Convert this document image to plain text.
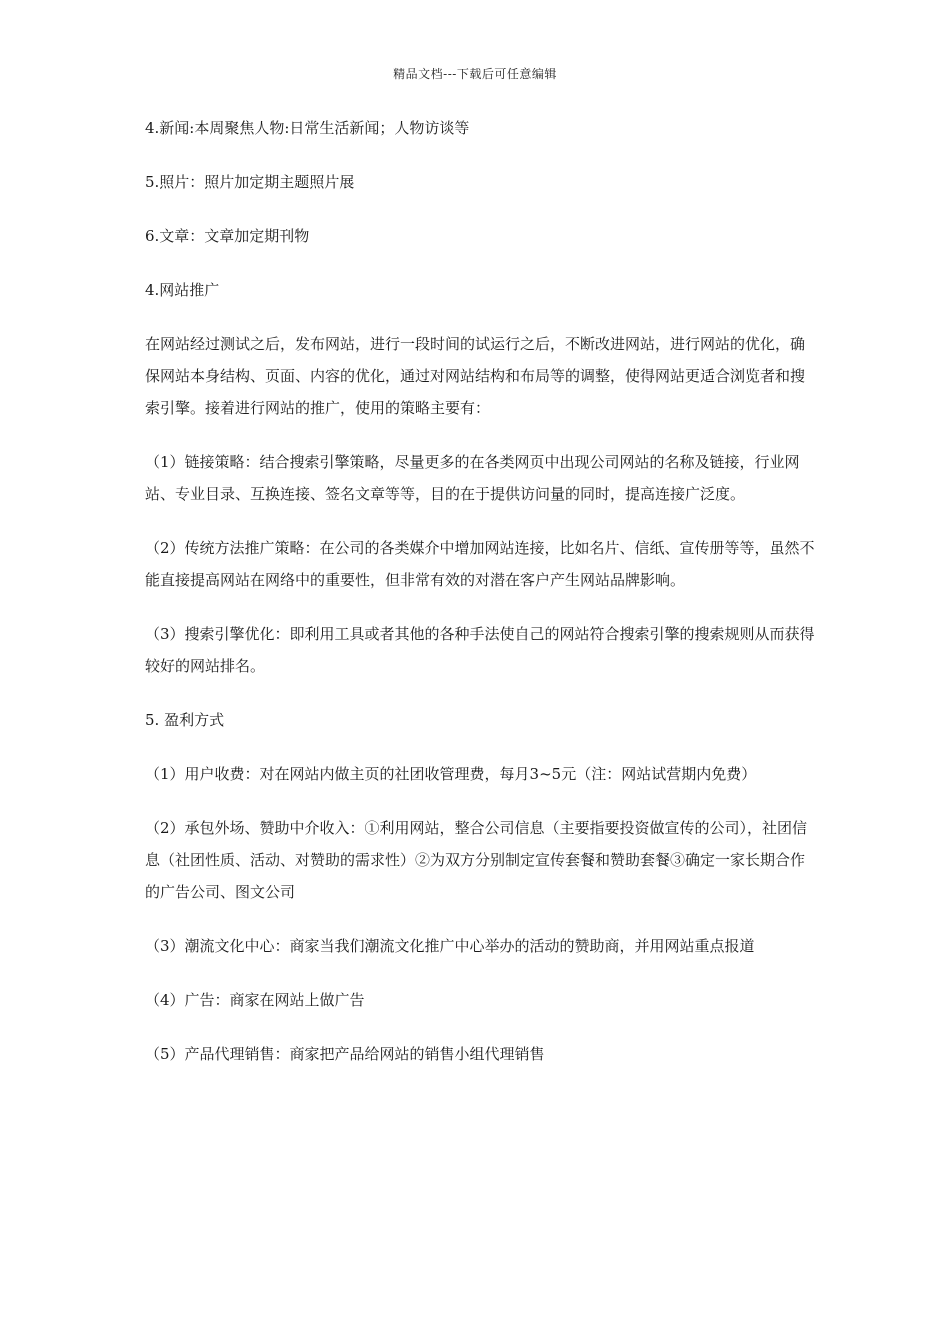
精品文档---下载后可任意编辑

4.新闻:本周聚焦人物:日常生活新闻；人物访谈等

5.照片：照片加定期主题照片展

6.文章：文章加定期刊物

4.网站推广

在网站经过测试之后，发布网站，进行一段时间的试运行之后，不断改进网站，进行网站的优化，确保网站本身结构、页面、内容的优化，通过对网站结构和布局等的调整，使得网站更适合浏览者和搜索引擎。接着进行网站的推广，使用的策略主要有：

（1）链接策略：结合搜索引擎策略，尽量更多的在各类网页中出现公司网站的名称及链接，行业网站、专业目录、互换连接、签名文章等等，目的在于提供访问量的同时，提高连接广泛度。

（2）传统方法推广策略：在公司的各类媒介中增加网站连接，比如名片、信纸、宣传册等等，虽然不能直接提高网站在网络中的重要性，但非常有效的对潜在客户产生网站品牌影响。

（3）搜索引擎优化：即利用工具或者其他的各种手法使自己的网站符合搜索引擎的搜索规则从而获得较好的网站排名。

5. 盈利方式

（1）用户收费：对在网站内做主页的社团收管理费，每月3~5元（注：网站试营期内免费）

（2）承包外场、赞助中介收入：①利用网站，整合公司信息（主要指要投资做宣传的公司），社团信息（社团性质、活动、对赞助的需求性）②为双方分别制定宣传套餐和赞助套餐③确定一家长期合作的广告公司、图文公司

（3）潮流文化中心：商家当我们潮流文化推广中心举办的活动的赞助商，并用网站重点报道

（4）广告：商家在网站上做广告

（5）产品代理销售：商家把产品给网站的销售小组代理销售
